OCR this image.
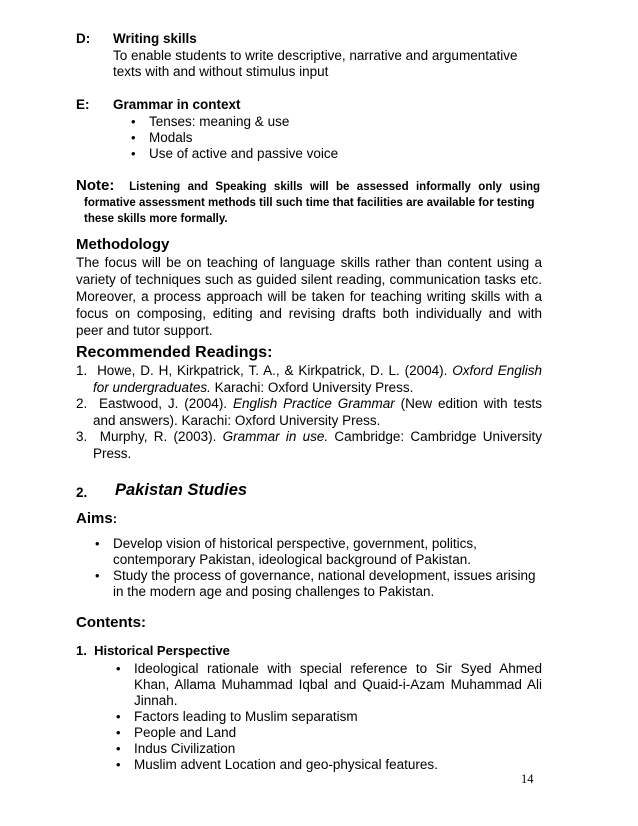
D: Writing skills
To enable students to write descriptive, narrative and argumentative
texts with and without stimulus input
E: Grammar in context
• Tenses: meaning & use
• Modals
• Use of active and passive voice
Note: Listening and Speaking skills will be assessed informally only using
formative assessment methods till such time that facilities are available for testing
these skills more formally.
Methodology
The focus will be on teaching of language skills rather than content using a
variety of techniques such as guided silent reading, communication tasks etc.
Moreover, a process approach will be taken for teaching writing skills with a
focus on composing, editing and revising drafts both individually and with
peer and tutor support.
Recommended Readings:
1. Howe, D. H, Kirkpatrick, T. A., & Kirkpatrick, D. L. (2004). Oxford English
for undergraduates. Karachi: Oxford University Press.
2. Eastwood, J. (2004). English Practice Grammar (New edition with tests
and answers). Karachi: Oxford University Press.
3. Murphy, R. (2003). Grammar in use. Cambridge: Cambridge University
Press.
2. Pakistan Studies
Aims:
• Develop vision of historical perspective, government, politics,
contemporary Pakistan, ideological background of Pakistan.
• Study the process of governance, national development, issues arising
in the modern age and posing challenges to Pakistan.
Contents:
1.  Historical Perspective
• Ideological rationale with special reference to Sir Syed Ahmed
Khan, Allama Muhammad Iqbal and Quaid-i-Azam Muhammad Ali
Jinnah.
• Factors leading to Muslim separatism
• People and Land
• Indus Civilization
• Muslim advent Location and geo-physical features.
14
